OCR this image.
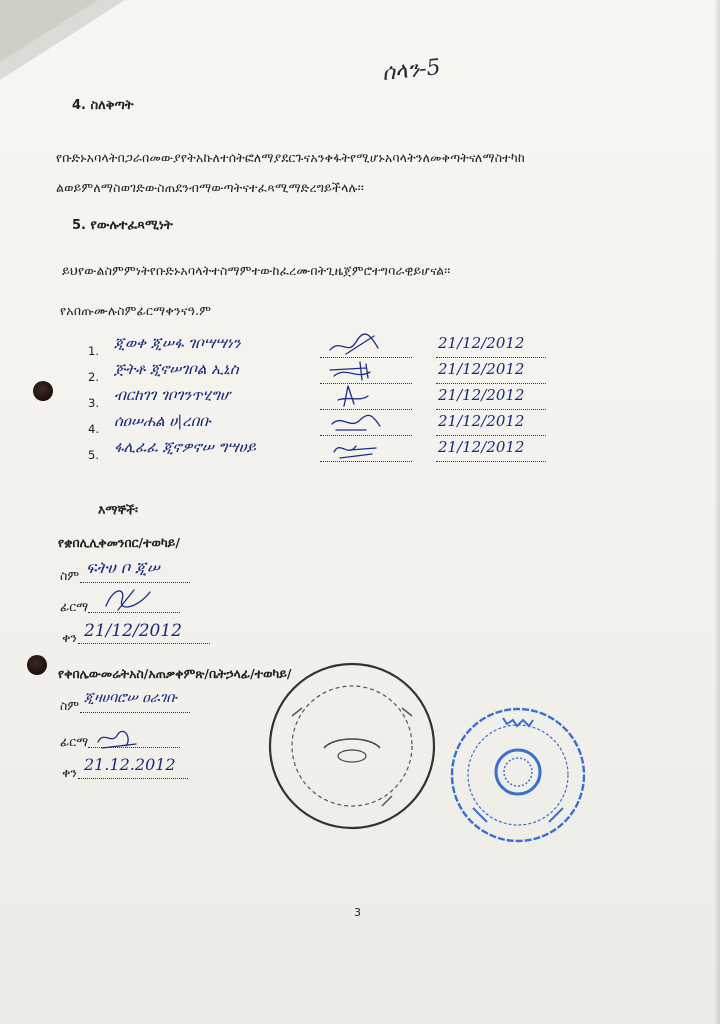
ሰላን-5
4. ስለቅጣት
የቡድኑአባላትበጋራበመውያየትአኩለተሰትፎለማያደርጉናአንቀፋትየሚሆኑአባላትንለመቅጣትናለማስተካከ
ልወይምለማስወገድውስጠደንብማውጣትናተፈጻሚማድረግይችላሉ፡፡
5. የውሉተፈጻሚነት
ይህየውልስምምነትየቡድኑአባላትተስማምተውከፈረሙበትጊዜጀምሮተግባራዊይሆናል፡፡
የአበጡሙሉስምፊርማቀንናዓ.ም
1. ጂወቀ ጂሠፋ ገቦሣሣነን	21/12/2012
2. ጅትቶ ጂኖሠገቦል ኢኒስ	21/12/2012
3. ብርከገገ ገቦገንጥሂግሆ	21/12/2012
4. ሰዐሠሐል ሀ|ረበቡ	21/12/2012
5. ፋሊፈፈ ጂኖዎኖሠ ግሣሀይ	21/12/2012
እማኞች፡
የቋበሊሊቀመንበር/ተወካይ/
ስም ፍትሀ ቦ ጂሠ
ፊርማ
ቀን 21/12/2012
የቀበሌውመሬትአስ/አጠቃቀምጽ/ቤትኃላፊ/ተወካይ/
ስም ጂዛሀባሮሠ ዐራገቡ
ፊርማ
ቀን 21.12.2012
3
